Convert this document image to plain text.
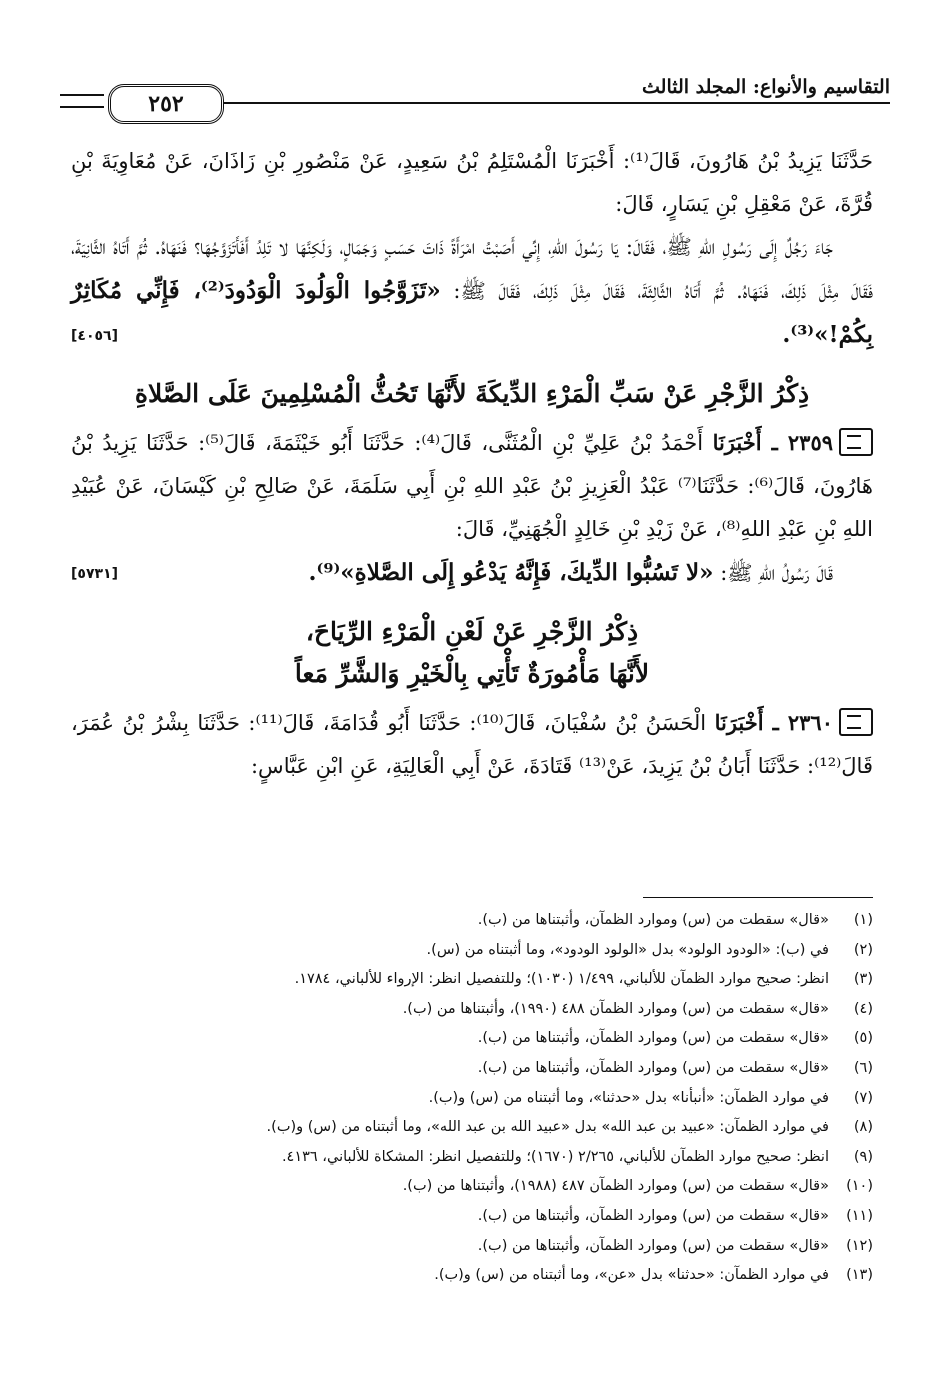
التقاسيم والأنواع: المجلد الثالث
٢٥٢

حَدَّثَنَا يَزِيدُ بْنُ هَارُونَ، قَالَ⁽¹⁾: أَخْبَرَنَا الْمُسْتَلِمُ بْنُ سَعِيدٍ، عَنْ مَنْصُورِ بْنِ زَاذَانَ، عَنْ مُعَاوِيَةَ بْنِ قُرَّةَ، عَنْ مَعْقِلِ بْنِ يَسَارٍ، قَالَ:

جَاءَ رَجُلٌ إِلَى رَسُولِ اللهِ ﷺ، فَقَالَ: يَا رَسُولَ اللهِ، إِنِّي أَصَبْتُ امْرَأَةً ذَاتَ حَسَبٍ وَجَمَالٍ، وَلَكِنَّهَا لا تَلِدُ أَفَأَتَزَوَّجُهَا؟ فَنَهَاهُ. ثُمَّ أَتَاهُ الثَّانِيَةَ، فَقَالَ مِثْلَ ذَلِكَ، فَنَهَاهُ. ثُمَّ أَتَاهُ الثَّالِثَةَ، فَقَالَ مِثْلَ ذَلِكَ، فَقَالَ ﷺ: «تَزَوَّجُوا الْوَلُودَ الْوَدُودَ⁽²⁾، فَإِنِّي مُكَاثِرٌ بِكُمْ!»⁽³⁾.
[٤٠٥٦]

ذِكْرُ الزَّجْرِ عَنْ سَبِّ الْمَرْءِ الدِّيكَةَ لأَنَّهَا تَحُثُّ الْمُسْلِمِينَ عَلَى الصَّلاةِ

٢٣٥٩ ـ أَخْبَرَنَا أَحْمَدُ بْنُ عَلِيِّ بْنِ الْمُثَنَّى، قَالَ⁽⁴⁾: حَدَّثَنَا أَبُو خَيْثَمَةَ، قَالَ⁽⁵⁾: حَدَّثَنَا يَزِيدُ بْنُ هَارُونَ، قَالَ⁽⁶⁾: حَدَّثَنَا⁽⁷⁾ عَبْدُ الْعَزِيزِ بْنُ عَبْدِ اللهِ بْنِ أَبِي سَلَمَةَ، عَنْ صَالِحِ بْنِ كَيْسَانَ، عَنْ عُبَيْدِ اللهِ بْنِ عَبْدِ اللهِ⁽⁸⁾، عَنْ زَيْدِ بْنِ خَالِدٍ الْجُهَنِيِّ، قَالَ:

قَالَ رَسُولُ اللهِ ﷺ: «لا تَسُبُّوا الدِّيكَ، فَإِنَّهُ يَدْعُو إِلَى الصَّلاةِ»⁽⁹⁾.
[٥٧٣١]

ذِكْرُ الزَّجْرِ عَنْ لَعْنِ الْمَرْءِ الرِّيَاحَ،
لأَنَّهَا مَأْمُورَةٌ تَأْتِي بِالْخَيْرِ وَالشَّرِّ مَعاً

٢٣٦٠ ـ أَخْبَرَنَا الْحَسَنُ بْنُ سُفْيَانَ، قَالَ⁽¹⁰⁾: حَدَّثَنَا أَبُو قُدَامَةَ، قَالَ⁽¹¹⁾: حَدَّثَنَا بِشْرُ بْنُ عُمَرَ، قَالَ⁽¹²⁾: حَدَّثَنَا أَبَانُ بْنُ يَزِيدَ، عَنْ⁽¹³⁾ قَتَادَةَ، عَنْ أَبِي الْعَالِيَةِ، عَنِ ابْنِ عَبَّاسٍ:

(١)«قال» سقطت من (س) وموارد الظمآن، وأثبتناها من (ب).
(٢)في (ب): «الودود الولود» بدل «الولود الودود»، وما أثبتناه من (س).
(٣)انظر: صحيح موارد الظمآن للألباني، ١/٤٩٩ (١٠٣٠)؛ وللتفصيل انظر: الإرواء للألباني، ١٧٨٤.
(٤)«قال» سقطت من (س) وموارد الظمآن ٤٨٨ (١٩٩٠)، وأثبتناها من (ب).
(٥)«قال» سقطت من (س) وموارد الظمآن، وأثبتناها من (ب).
(٦)«قال» سقطت من (س) وموارد الظمآن، وأثبتناها من (ب).
(٧)في موارد الظمآن: «أنبأنا» بدل «حدثنا»، وما أثبتناه من (س) و(ب).
(٨)في موارد الظمآن: «عبيد بن عبد الله» بدل «عبيد الله بن عبد الله»، وما أثبتناه من (س) و(ب).
(٩)انظر: صحيح موارد الظمآن للألباني، ٢/٢٦٥ (١٦٧٠)؛ وللتفصيل انظر: المشكاة للألباني، ٤١٣٦.
(١٠)«قال» سقطت من (س) وموارد الظمآن ٤٨٧ (١٩٨٨)، وأثبتناها من (ب).
(١١)«قال» سقطت من (س) وموارد الظمآن، وأثبتناها من (ب).
(١٢)«قال» سقطت من (س) وموارد الظمآن، وأثبتناها من (ب).
(١٣)في موارد الظمآن: «حدثنا» بدل «عن»، وما أثبتناه من (س) و(ب).
